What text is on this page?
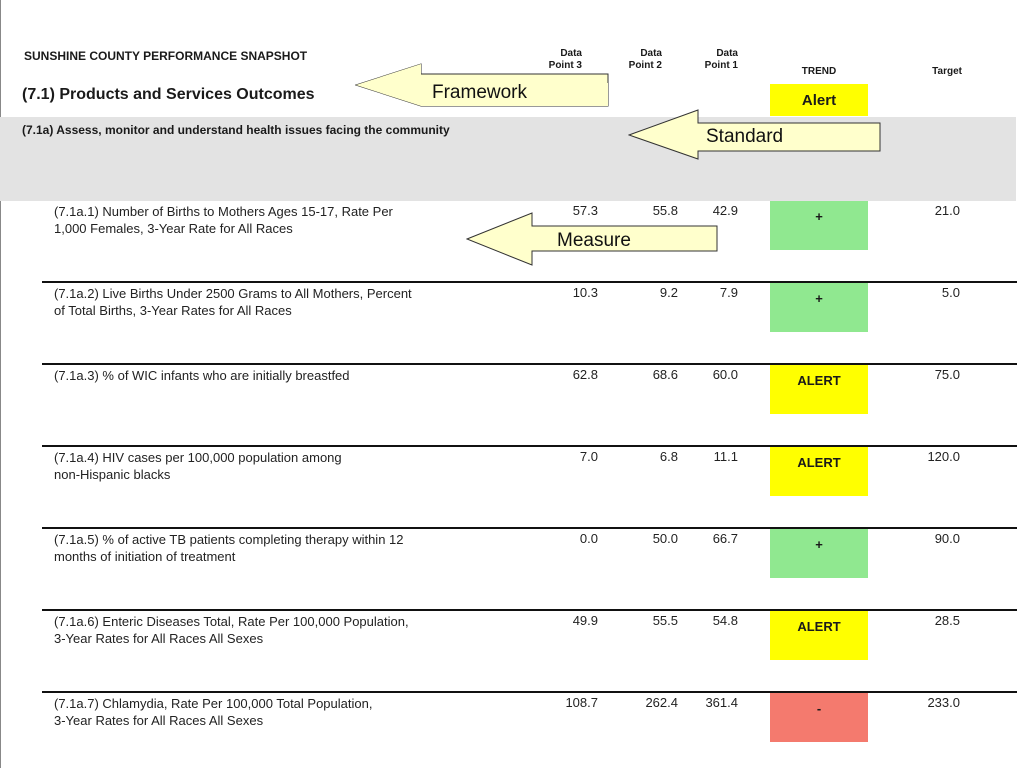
SUNSHINE COUNTY PERFORMANCE SNAPSHOT
(7.1) Products and Services Outcomes
Data
Point 3
Data
Point 2
Data
Point 1
TREND	Target
Alert
(7.1a) Assess, monitor and understand health issues facing the community
(7.1a.1) Number of Births to Mothers Ages 15-17, Rate Per
1,000 Females, 3-Year Rate for All Races
57.3	55.8	42.9	+	21.0
(7.1a.2) Live Births Under 2500 Grams to All Mothers, Percent
of Total Births, 3-Year Rates for All Races
10.3	9.2	7.9	+	5.0
(7.1a.3) % of WIC infants who are initially breastfed	62.8	68.6	60.0	ALERT	75.0
(7.1a.4) HIV cases per 100,000 population among
non-Hispanic blacks
7.0	6.8	11.1	ALERT	120.0
(7.1a.5) % of active TB patients completing therapy within 12
months of initiation of treatment
0.0	50.0	66.7	+	90.0
(7.1a.6) Enteric Diseases Total, Rate Per 100,000 Population,
3-Year Rates for All Races All Sexes
49.9	55.5	54.8	ALERT	28.5
(7.1a.7) Chlamydia, Rate Per 100,000 Total Population,
3-Year Rates for All Races All Sexes
108.7	262.4	361.4	-	233.0
Framework
Standard
Measure
